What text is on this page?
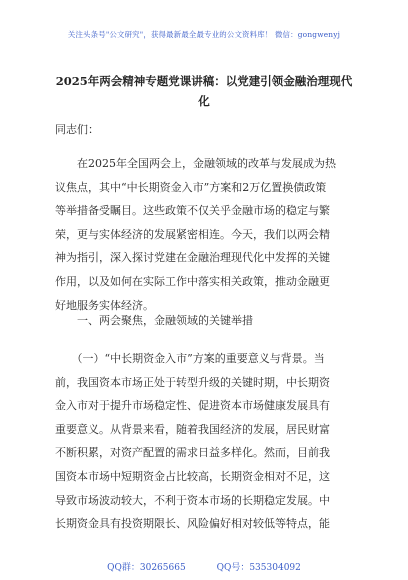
关注头条号"公文研究"，获得最新最全最专业的公文资料库！ 微信：gongwenyj
2025年两会精神专题党课讲稿：以党建引领金融治理现代
化
同志们：
　　在2025年全国两会上，金融领域的改革与发展成为热
议焦点，其中“中长期资金入市”方案和2万亿置换债政策
等举措备受瞩目。这些政策不仅关乎金融市场的稳定与繁
荣，更与实体经济的发展紧密相连。今天，我们以两会精
神为指引，深入探讨党建在金融治理现代化中发挥的关键
作用，以及如何在实际工作中落实相关政策，推动金融更
好地服务实体经济。
　　一、两会聚焦，金融领域的关键举措
　　（一）“中长期资金入市”方案的重要意义与背景。当
前，我国资本市场正处于转型升级的关键时期，中长期资
金入市对于提升市场稳定性、促进资本市场健康发展具有
重要意义。从背景来看，随着我国经济的发展，居民财富
不断积累，对资产配置的需求日益多样化。然而，目前我
国资本市场中短期资金占比较高，长期资金相对不足，这
导致市场波动较大，不利于资本市场的长期稳定发展。中
长期资金具有投资期限长、风险偏好相对较低等特点，能
QQ群：30265665	QQ号：535304092
